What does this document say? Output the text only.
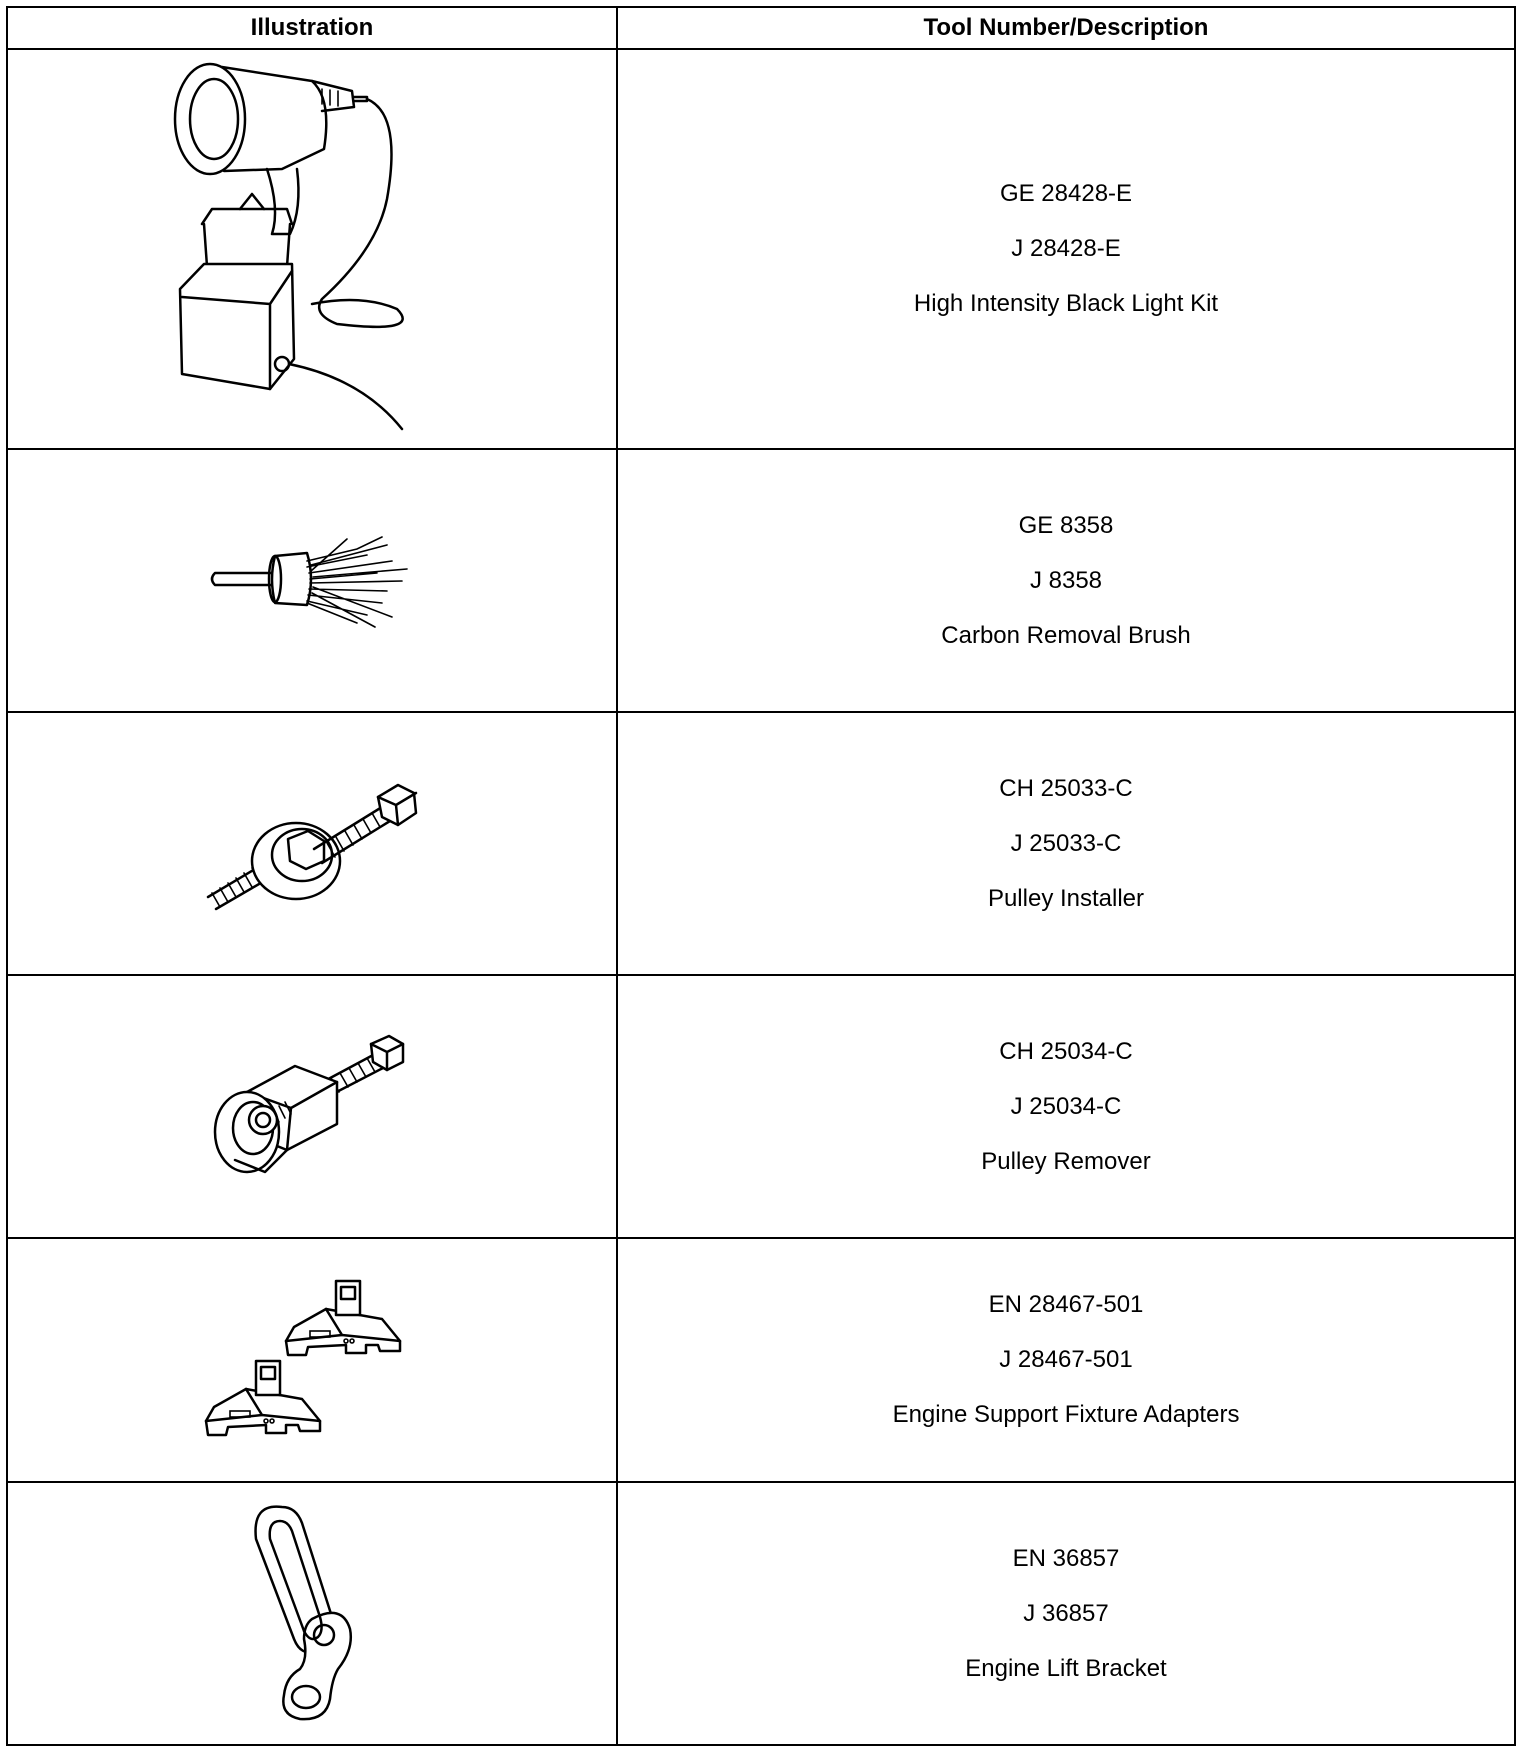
Illustration	Tool Number/Description

GE 28428-E
J 28428-E
High Intensity Black Light Kit

GE 8358
J 8358
Carbon Removal Brush

CH 25033-C
J 25033-C
Pulley Installer

CH 25034-C
J 25034-C
Pulley Remover

EN 28467-501
J 28467-501
Engine Support Fixture Adapters

EN 36857
J 36857
Engine Lift Bracket
